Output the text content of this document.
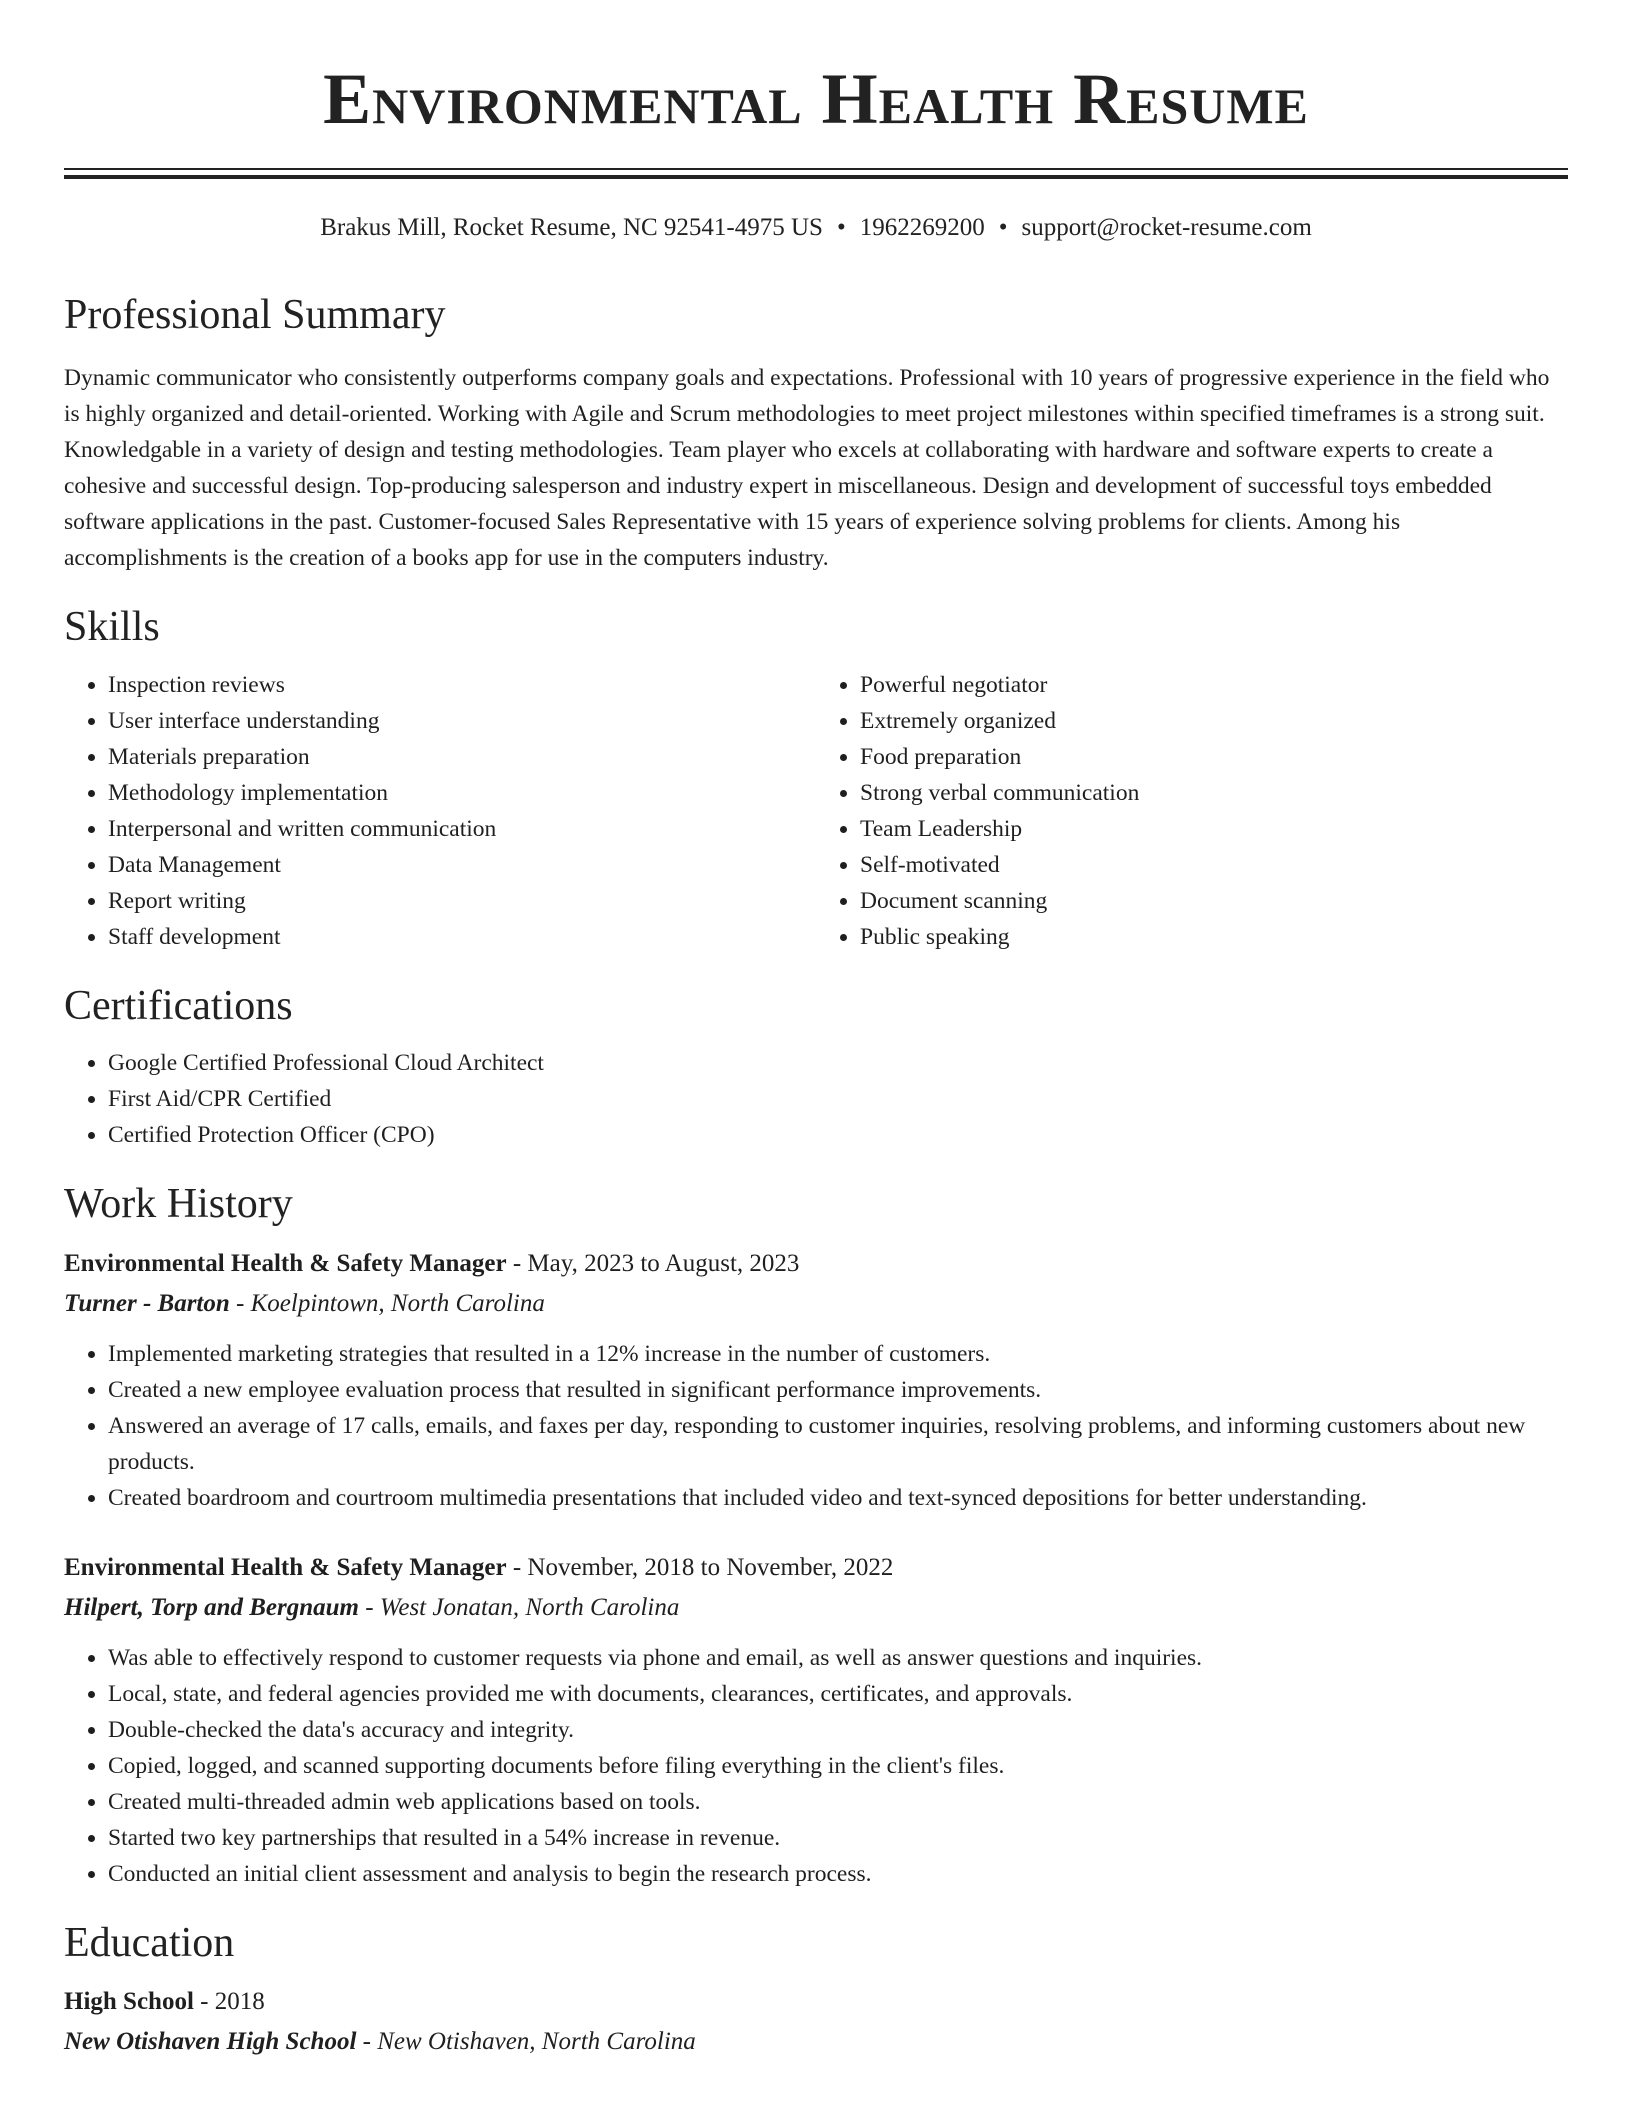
Environmental Health Resume
Brakus Mill, Rocket Resume, NC 92541-4975 US • 1962269200 • support@rocket-resume.com
Professional Summary

Dynamic communicator who consistently outperforms company goals and expectations. Professional with 10 years of progressive experience in the field who is highly organized and detail-oriented. Working with Agile and Scrum methodologies to meet project milestones within specified timeframes is a strong suit. Knowledgable in a variety of design and testing methodologies. Team player who excels at collaborating with hardware and software experts to create a cohesive and successful design. Top-producing salesperson and industry expert in miscellaneous. Design and development of successful toys embedded software applications in the past. Customer-focused Sales Representative with 15 years of experience solving problems for clients. Among his accomplishments is the creation of a books app for use in the computers industry.

Skills
• Inspection reviews
• User interface understanding
• Materials preparation
• Methodology implementation
• Interpersonal and written communication
• Data Management
• Report writing
• Staff development
• Powerful negotiator
• Extremely organized
• Food preparation
• Strong verbal communication
• Team Leadership
• Self-motivated
• Document scanning
• Public speaking
Certifications
• Google Certified Professional Cloud Architect
• First Aid/CPR Certified
• Certified Protection Officer (CPO)
Work History
Environmental Health & Safety Manager - May, 2023 to August, 2023
Turner - Barton - Koelpintown, North Carolina
• Implemented marketing strategies that resulted in a 12% increase in the number of customers.
• Created a new employee evaluation process that resulted in significant performance improvements.
• Answered an average of 17 calls, emails, and faxes per day, responding to customer inquiries, resolving problems, and informing customers about new products.
• Created boardroom and courtroom multimedia presentations that included video and text-synced depositions for better understanding.
Environmental Health & Safety Manager - November, 2018 to November, 2022
Hilpert, Torp and Bergnaum - West Jonatan, North Carolina
• Was able to effectively respond to customer requests via phone and email, as well as answer questions and inquiries.
• Local, state, and federal agencies provided me with documents, clearances, certificates, and approvals.
• Double-checked the data's accuracy and integrity.
• Copied, logged, and scanned supporting documents before filing everything in the client's files.
• Created multi-threaded admin web applications based on tools.
• Started two key partnerships that resulted in a 54% increase in revenue.
• Conducted an initial client assessment and analysis to begin the research process.
Education
High School - 2018
New Otishaven High School - New Otishaven, North Carolina
